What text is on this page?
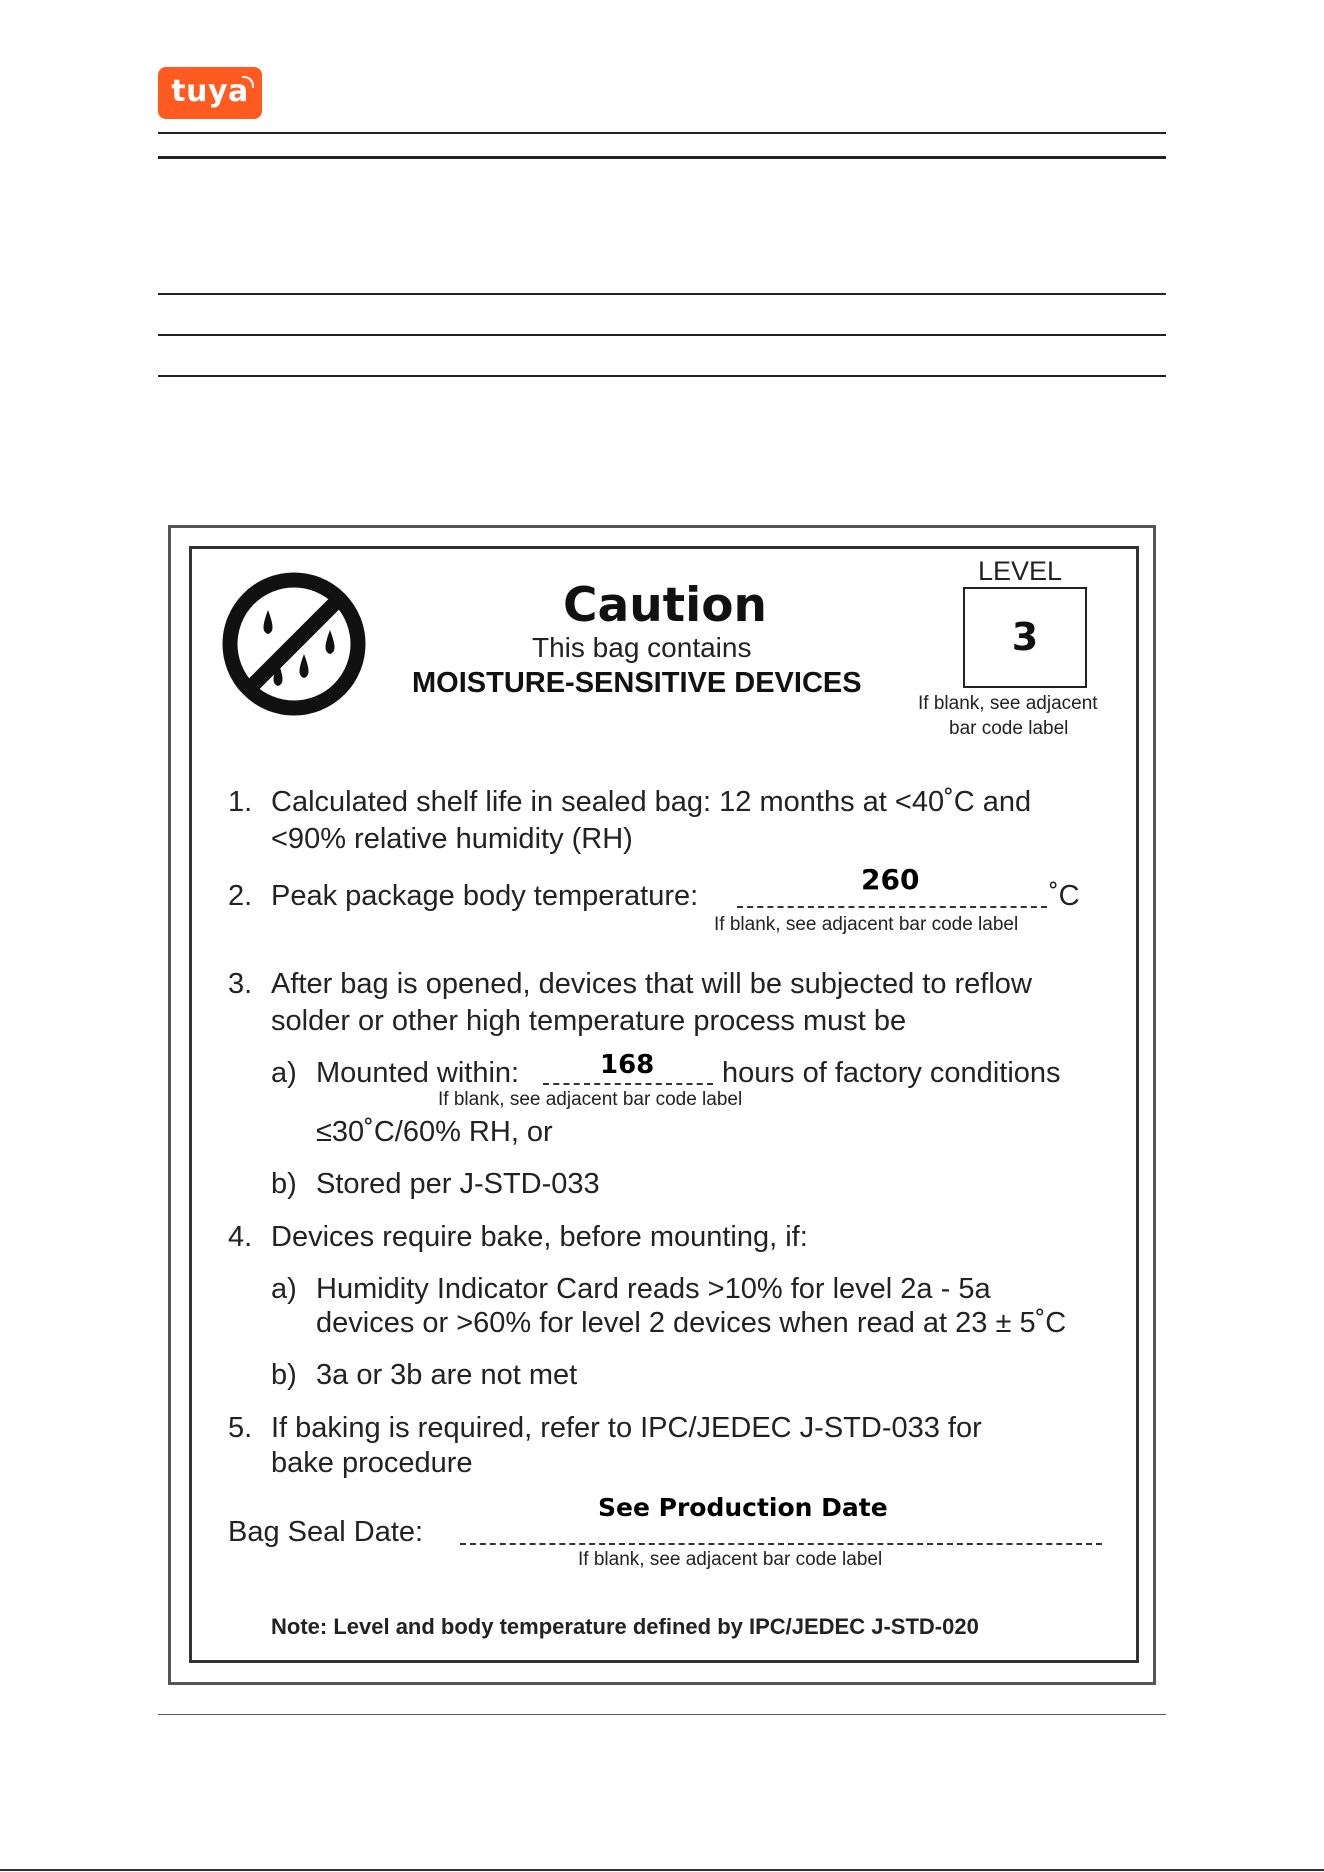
tuya
Caution
This bag contains
MOISTURE-SENSITIVE DEVICES
LEVEL
3
If blank, see adjacent
bar code label
1. Calculated shelf life in sealed bag: 12 months at <40˚C and
<90% relative humidity (RH)
2. Peak package body temperature:	260	˚C
If blank, see adjacent bar code label
3. After bag is opened, devices that will be subjected to reflow
solder or other high temperature process must be
a) Mounted within:	168 hours of factory conditions
If blank, see adjacent bar code label
≤30˚C/60% RH, or
b) Stored per J-STD-033
4. Devices require bake, before mounting, if:
a) Humidity Indicator Card reads >10% for level 2a - 5a
devices or >60% for level 2 devices when read at 23 ± 5˚C
b) 3a or 3b are not met
5. If baking is required, refer to IPC/JEDEC J-STD-033 for
bake procedure
Bag Seal Date:
See Production Date
If blank, see adjacent bar code label
Note: Level and body temperature defined by IPC/JEDEC J-STD-020
